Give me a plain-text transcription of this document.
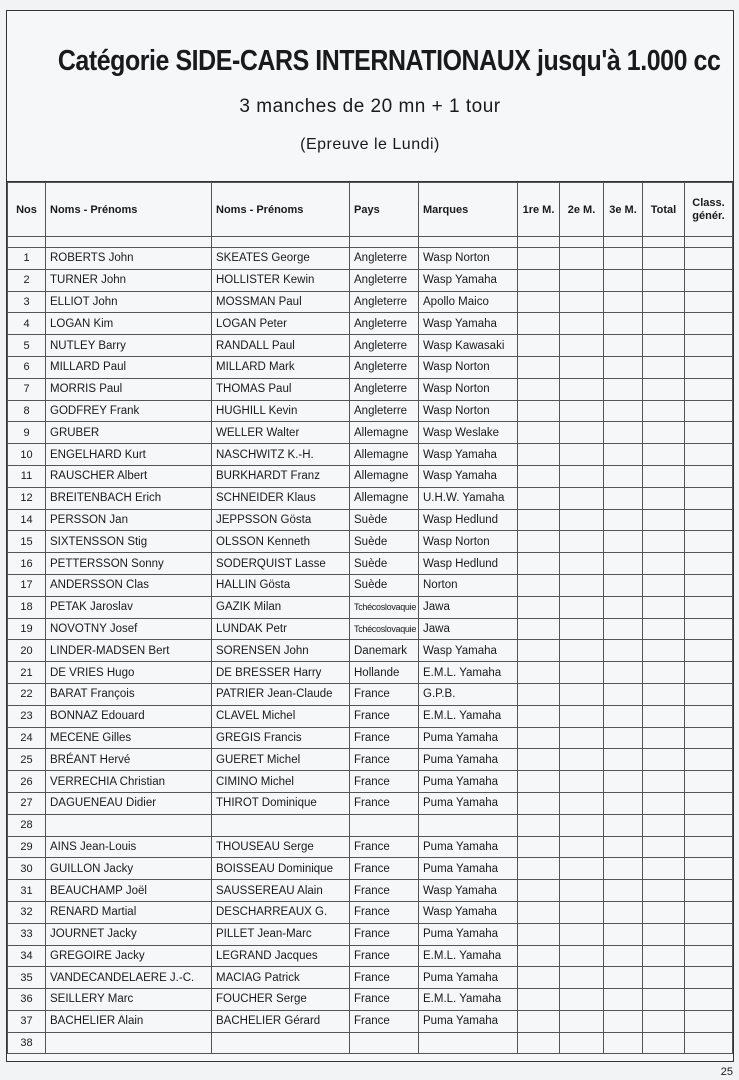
Catégorie SIDE-CARS INTERNATIONAUX jusqu'à 1.000 cc
3 manches de 20 mn + 1 tour
(Epreuve le Lundi)
Nos	Noms - Prénoms	Noms - Prénoms	Pays	Marques	1re M.	2e M.	3e M.	Total	Class. génér.

1	ROBERTS John	SKEATES George	Angleterre	Wasp Norton					
2	TURNER John	HOLLISTER Kewin	Angleterre	Wasp Yamaha					
3	ELLIOT John	MOSSMAN Paul	Angleterre	Apollo Maico					
4	LOGAN Kim	LOGAN Peter	Angleterre	Wasp Yamaha					
5	NUTLEY Barry	RANDALL Paul	Angleterre	Wasp Kawasaki					
6	MILLARD Paul	MILLARD Mark	Angleterre	Wasp Norton					
7	MORRIS Paul	THOMAS Paul	Angleterre	Wasp Norton					
8	GODFREY Frank	HUGHILL Kevin	Angleterre	Wasp Norton					
9	GRUBER	WELLER Walter	Allemagne	Wasp Weslake					
10	ENGELHARD Kurt	NASCHWITZ K.-H.	Allemagne	Wasp Yamaha					
11	RAUSCHER Albert	BURKHARDT Franz	Allemagne	Wasp Yamaha					
12	BREITENBACH Erich	SCHNEIDER Klaus	Allemagne	U.H.W. Yamaha					
14	PERSSON Jan	JEPPSSON Gösta	Suède	Wasp Hedlund					
15	SIXTENSSON Stig	OLSSON Kenneth	Suède	Wasp Norton					
16	PETTERSSON Sonny	SODERQUIST Lasse	Suède	Wasp Hedlund					
17	ANDERSSON Clas	HALLIN Gösta	Suède	Norton					
18	PETAK Jaroslav	GAZIK Milan	Tchécoslovaquie	Jawa					
19	NOVOTNY Josef	LUNDAK Petr	Tchécoslovaquie	Jawa					
20	LINDER-MADSEN Bert	SORENSEN John	Danemark	Wasp Yamaha					
21	DE VRIES Hugo	DE BRESSER Harry	Hollande	E.M.L. Yamaha					
22	BARAT François	PATRIER Jean-Claude	France	G.P.B.					
23	BONNAZ Edouard	CLAVEL Michel	France	E.M.L. Yamaha					
24	MECENE Gilles	GREGIS Francis	France	Puma Yamaha					
25	BRÉANT Hervé	GUERET Michel	France	Puma Yamaha					
26	VERRECHIA Christian	CIMINO Michel	France	Puma Yamaha					
27	DAGUENEAU Didier	THIROT Dominique	France	Puma Yamaha					
28									
29	AINS Jean-Louis	THOUSEAU Serge	France	Puma Yamaha					
30	GUILLON Jacky	BOISSEAU Dominique	France	Puma Yamaha					
31	BEAUCHAMP Joël	SAUSSEREAU Alain	France	Wasp Yamaha					
32	RENARD Martial	DESCHARREAUX G.	France	Wasp Yamaha					
33	JOURNET Jacky	PILLET Jean-Marc	France	Puma Yamaha					
34	GREGOIRE Jacky	LEGRAND Jacques	France	E.M.L. Yamaha					
35	VANDECANDELAERE J.-C.	MACIAG Patrick	France	Puma Yamaha					
36	SEILLERY Marc	FOUCHER Serge	France	E.M.L. Yamaha					
37	BACHELIER Alain	BACHELIER Gérard	France	Puma Yamaha					
38									
25
